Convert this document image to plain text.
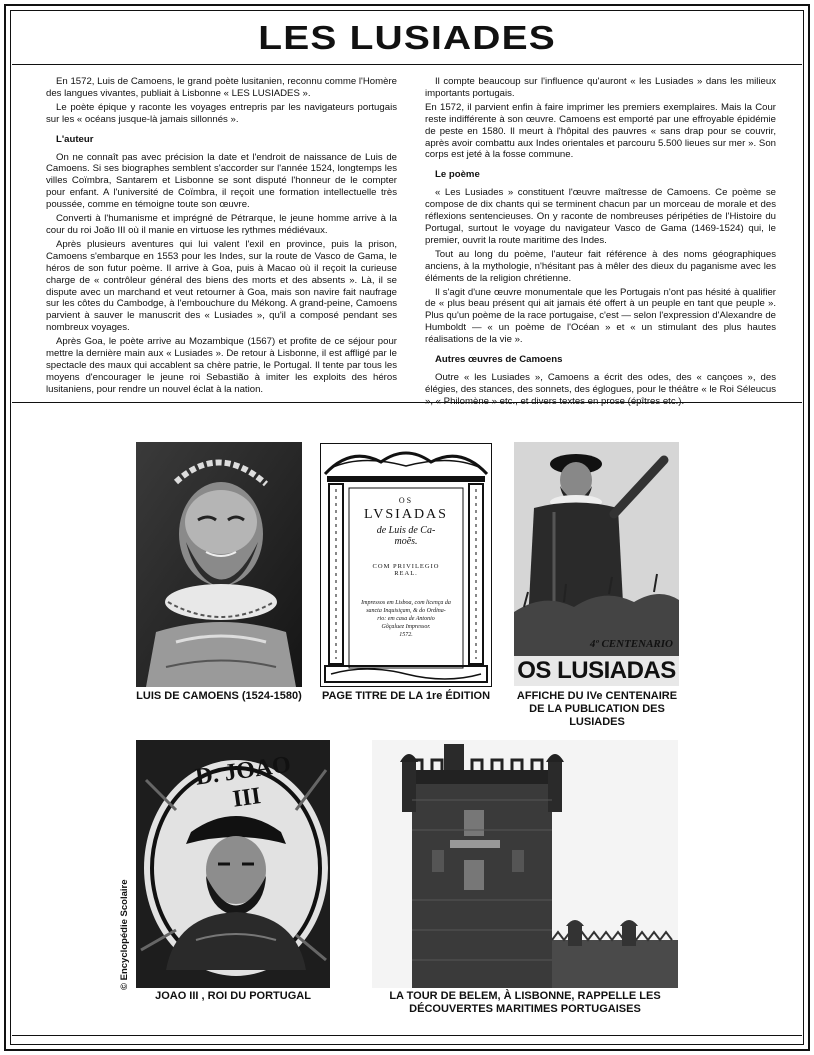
LES LUSIADES

En 1572, Luis de Camoens, le grand poète lusitanien, reconnu comme l'Homère des langues vivantes, publiait à Lisbonne « LES LUSIADES ».

Le poète épique y raconte les voyages entrepris par les navigateurs portugais sur les « océans jusque-là jamais sillonnés ».

L'auteur

On ne connaît pas avec précision la date et l'endroit de naissance de Luis de Camoens. Si ses biographes semblent s'accorder sur l'année 1524, longtemps les villes Coïmbra, Santarem et Lisbonne se sont disputé l'honneur de le compter pour enfant. A l'université de Coïmbra, il reçoit une formation intellectuelle très poussée, comme en témoigne toute son œuvre.

Converti à l'humanisme et imprégné de Pétrarque, le jeune homme arrive à la cour du roi João III où il manie en virtuose les rythmes médiévaux.

Après plusieurs aventures qui lui valent l'exil en province, puis la prison, Camoens s'embarque en 1553 pour les Indes, sur la route de Vasco de Gama, le héros de son futur poème. Il arrive à Goa, puis à Macao où il reçoit la curieuse charge de « contrôleur général des biens des morts et des absents ». Là, il se dispute avec un marchand et veut retourner à Goa, mais son navire fait naufrage sur les côtes du Cambodge, à l'embouchure du Mékong. A grand-peine, Camoens parvient à sauver le manuscrit des « Lusiades », qu'il a composé pendant ses nombreux voyages.

Après Goa, le poète arrive au Mozambique (1567) et profite de ce séjour pour mettre la dernière main aux « Lusiades ». De retour à Lisbonne, il est affligé par le spectacle des maux qui accablent sa chère patrie, le Portugal. Il tente par tous les moyens d'encourager le jeune roi Sebastião à imiter les exploits des héros lusitaniens, pour rendre un nouvel éclat à la nation.

Il compte beaucoup sur l'influence qu'auront « les Lusiades » dans les milieux importants portugais.

En 1572, il parvient enfin à faire imprimer les premiers exemplaires. Mais la Cour reste indifférente à son œuvre. Camoens est emporté par une effroyable épidémie de peste en 1580. Il meurt à l'hôpital des pauvres « sans drap pour se couvrir, après avoir combattu aux Indes orientales et parcouru 5.500 lieues sur mer ». Son corps est jeté à la fosse commune.

Le poème

« Les Lusiades » constituent l'œuvre maîtresse de Camoens. Ce poème se compose de dix chants qui se terminent chacun par un morceau de morale et des réflexions sentencieuses. On y raconte de nombreuses péripéties de l'Histoire du Portugal, surtout le voyage du navigateur Vasco de Gama (1469-1524) qui, le premier, ouvrit la route maritime des Indes.

Tout au long du poème, l'auteur fait référence à des noms géographiques anciens, à la mythologie, n'hésitant pas à mêler des dieux du paganisme avec les éléments de la religion chrétienne.

Il s'agit d'une œuvre monumentale que les Portugais n'ont pas hésité à qualifier de « plus beau présent qui ait jamais été offert à un peuple en tant que peuple ». Plus qu'un poème de la race portugaise, c'est — selon l'expression d'Alexandre de Humboldt — « un poème de l'Océan » et « un stimulant des plus hautes réalisations de la vie ».

Autres œuvres de Camoens

Outre « les Lusiades », Camoens a écrit des odes, des « cançoes », des élégies, des stances, des sonnets, des églogues, pour le théâtre « le Roi Séleucus », « Philomène » etc., et divers textes en prose (épîtres etc.).

LUIS DE CAMOENS (1524-1580)
OS
LVSIADAS
de Luis de Ca-
moẽs.
COM PRIVILEGIO
REAL.
Impressos em Lisboa, com licença da
sancta Inquisiçam, & do Ordina-
rio: em casa de Antonio
Gõçaluez Impressor.
1572.
PAGE TITRE DE LA 1re ÉDITION
4º CENTENARIO
OS LUSIADAS
AFFICHE DU IVe CENTENAIRE DE LA PUBLICATION DES LUSIADES
D. JOAO III
© Encyclopédie Scolaire
JOAO III , ROI DU PORTUGAL	LA TOUR DE BELEM, À LISBONNE, RAPPELLE LES DÉCOUVERTES MARITIMES PORTUGAISES
